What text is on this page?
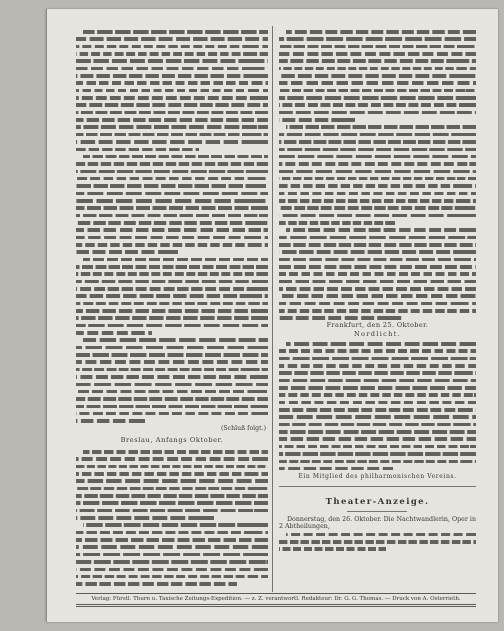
(Schluß folgt.)
Breslau, Anfangs Oktober.
Frankfurt, den 25. Oktober.
Nordlicht.
Ein Mitglied des philharmonischen Vereins.
Theater-Anzeige.
Donnerstag, den 26. Oktober. Die Nachtwandlerin, Oper in 2 Abtheilungen,
Verlag: Fürstl. Thurn u. Taxische Zeitungs-Expedition. — z. Z. verantwortl. Redakteur: Dr. G. G. Thomas. — Druck von A. Osterrieth.
